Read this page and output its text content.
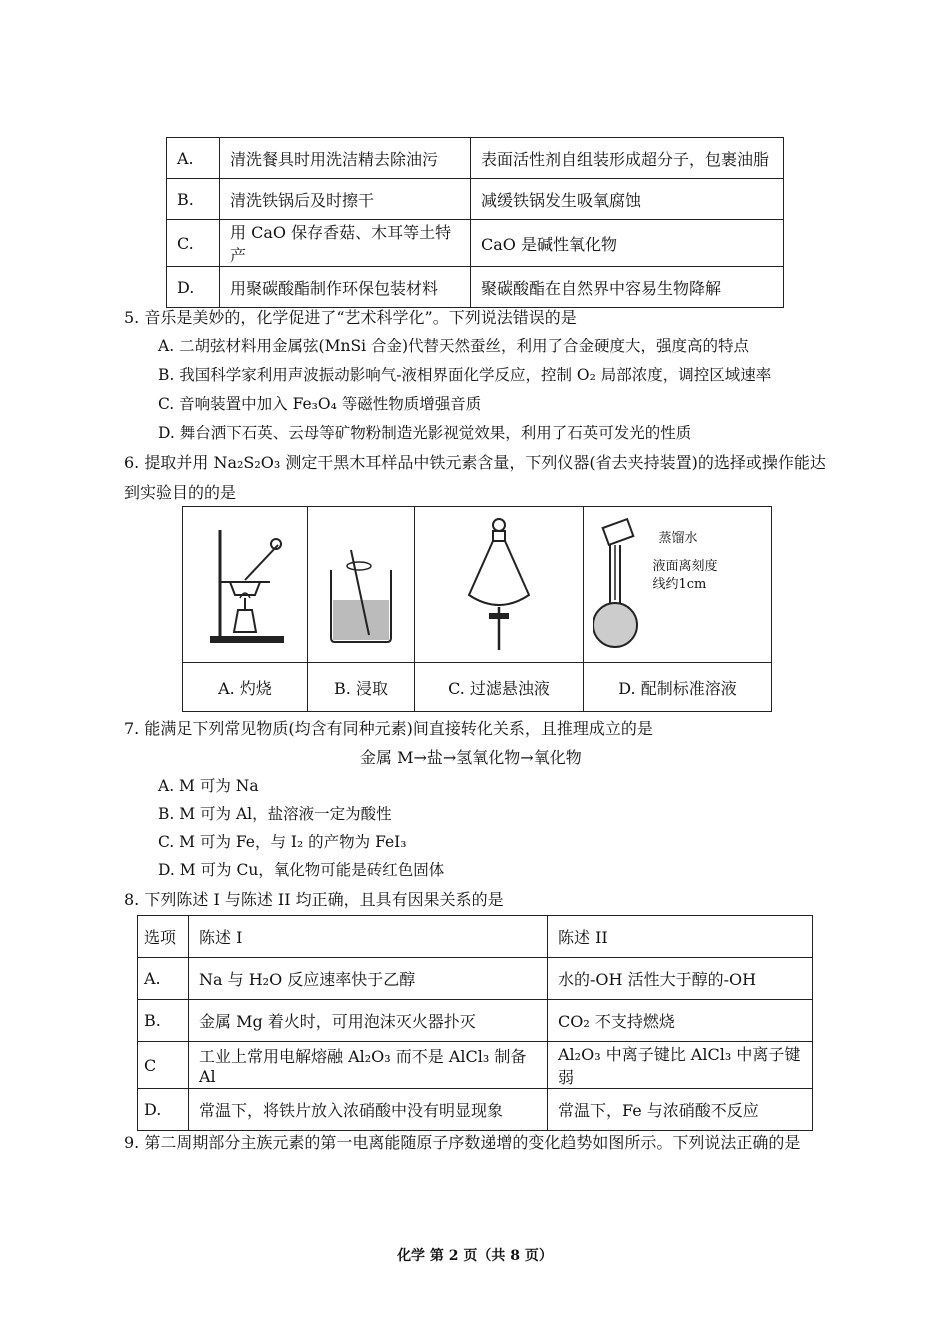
A.	清洗餐具时用洗洁精去除油污	表面活性剂自组装形成超分子，包裹油脂
B.	清洗铁锅后及时擦干	减缓铁锅发生吸氧腐蚀
C.	用 CaO 保存香菇、木耳等土特产	CaO 是碱性氧化物
D.	用聚碳酸酯制作环保包装材料	聚碳酸酯在自然界中容易生物降解
5. 音乐是美妙的，化学促进了“艺术科学化”。下列说法错误的是
A. 二胡弦材料用金属弦(MnSi 合金)代替天然蚕丝，利用了合金硬度大，强度高的特点
B. 我国科学家利用声波振动影响气-液相界面化学反应，控制 O₂ 局部浓度，调控区域速率
C. 音响装置中加入 Fe₃O₄ 等磁性物质增强音质
D. 舞台洒下石英、云母等矿物粉制造光影视觉效果，利用了石英可发光的性质
6. 提取并用 Na₂S₂O₃ 测定干黑木耳样品中铁元素含量，下列仪器(省去夹持装置)的选择或操作能达
到实验目的的是

蒸馏水
液面离刻度
线约1cm

A. 灼烧	B. 浸取	C. 过滤悬浊液	D. 配制标准溶液
7. 能满足下列常见物质(均含有同种元素)间直接转化关系，且推理成立的是
金属 M→盐→氢氧化物→氧化物
A. M 可为 Na
B. M 可为 Al，盐溶液一定为酸性
C. M 可为 Fe，与 I₂ 的产物为 FeI₃
D. M 可为 Cu，氧化物可能是砖红色固体
8. 下列陈述 I 与陈述 II 均正确，且具有因果关系的是
选项	陈述 I	陈述 II
A.	Na 与 H₂O 反应速率快于乙醇	水的-OH 活性大于醇的-OH
B.	金属 Mg 着火时，可用泡沫灭火器扑灭	CO₂ 不支持燃烧
C	工业上常用电解熔融 Al₂O₃ 而不是 AlCl₃ 制备 Al	Al₂O₃ 中离子键比 AlCl₃ 中离子键弱
D.	常温下，将铁片放入浓硝酸中没有明显现象	常温下，Fe 与浓硝酸不反应
9. 第二周期部分主族元素的第一电离能随原子序数递增的变化趋势如图所示。下列说法正确的是
化学 第 2 页（共 8 页）
